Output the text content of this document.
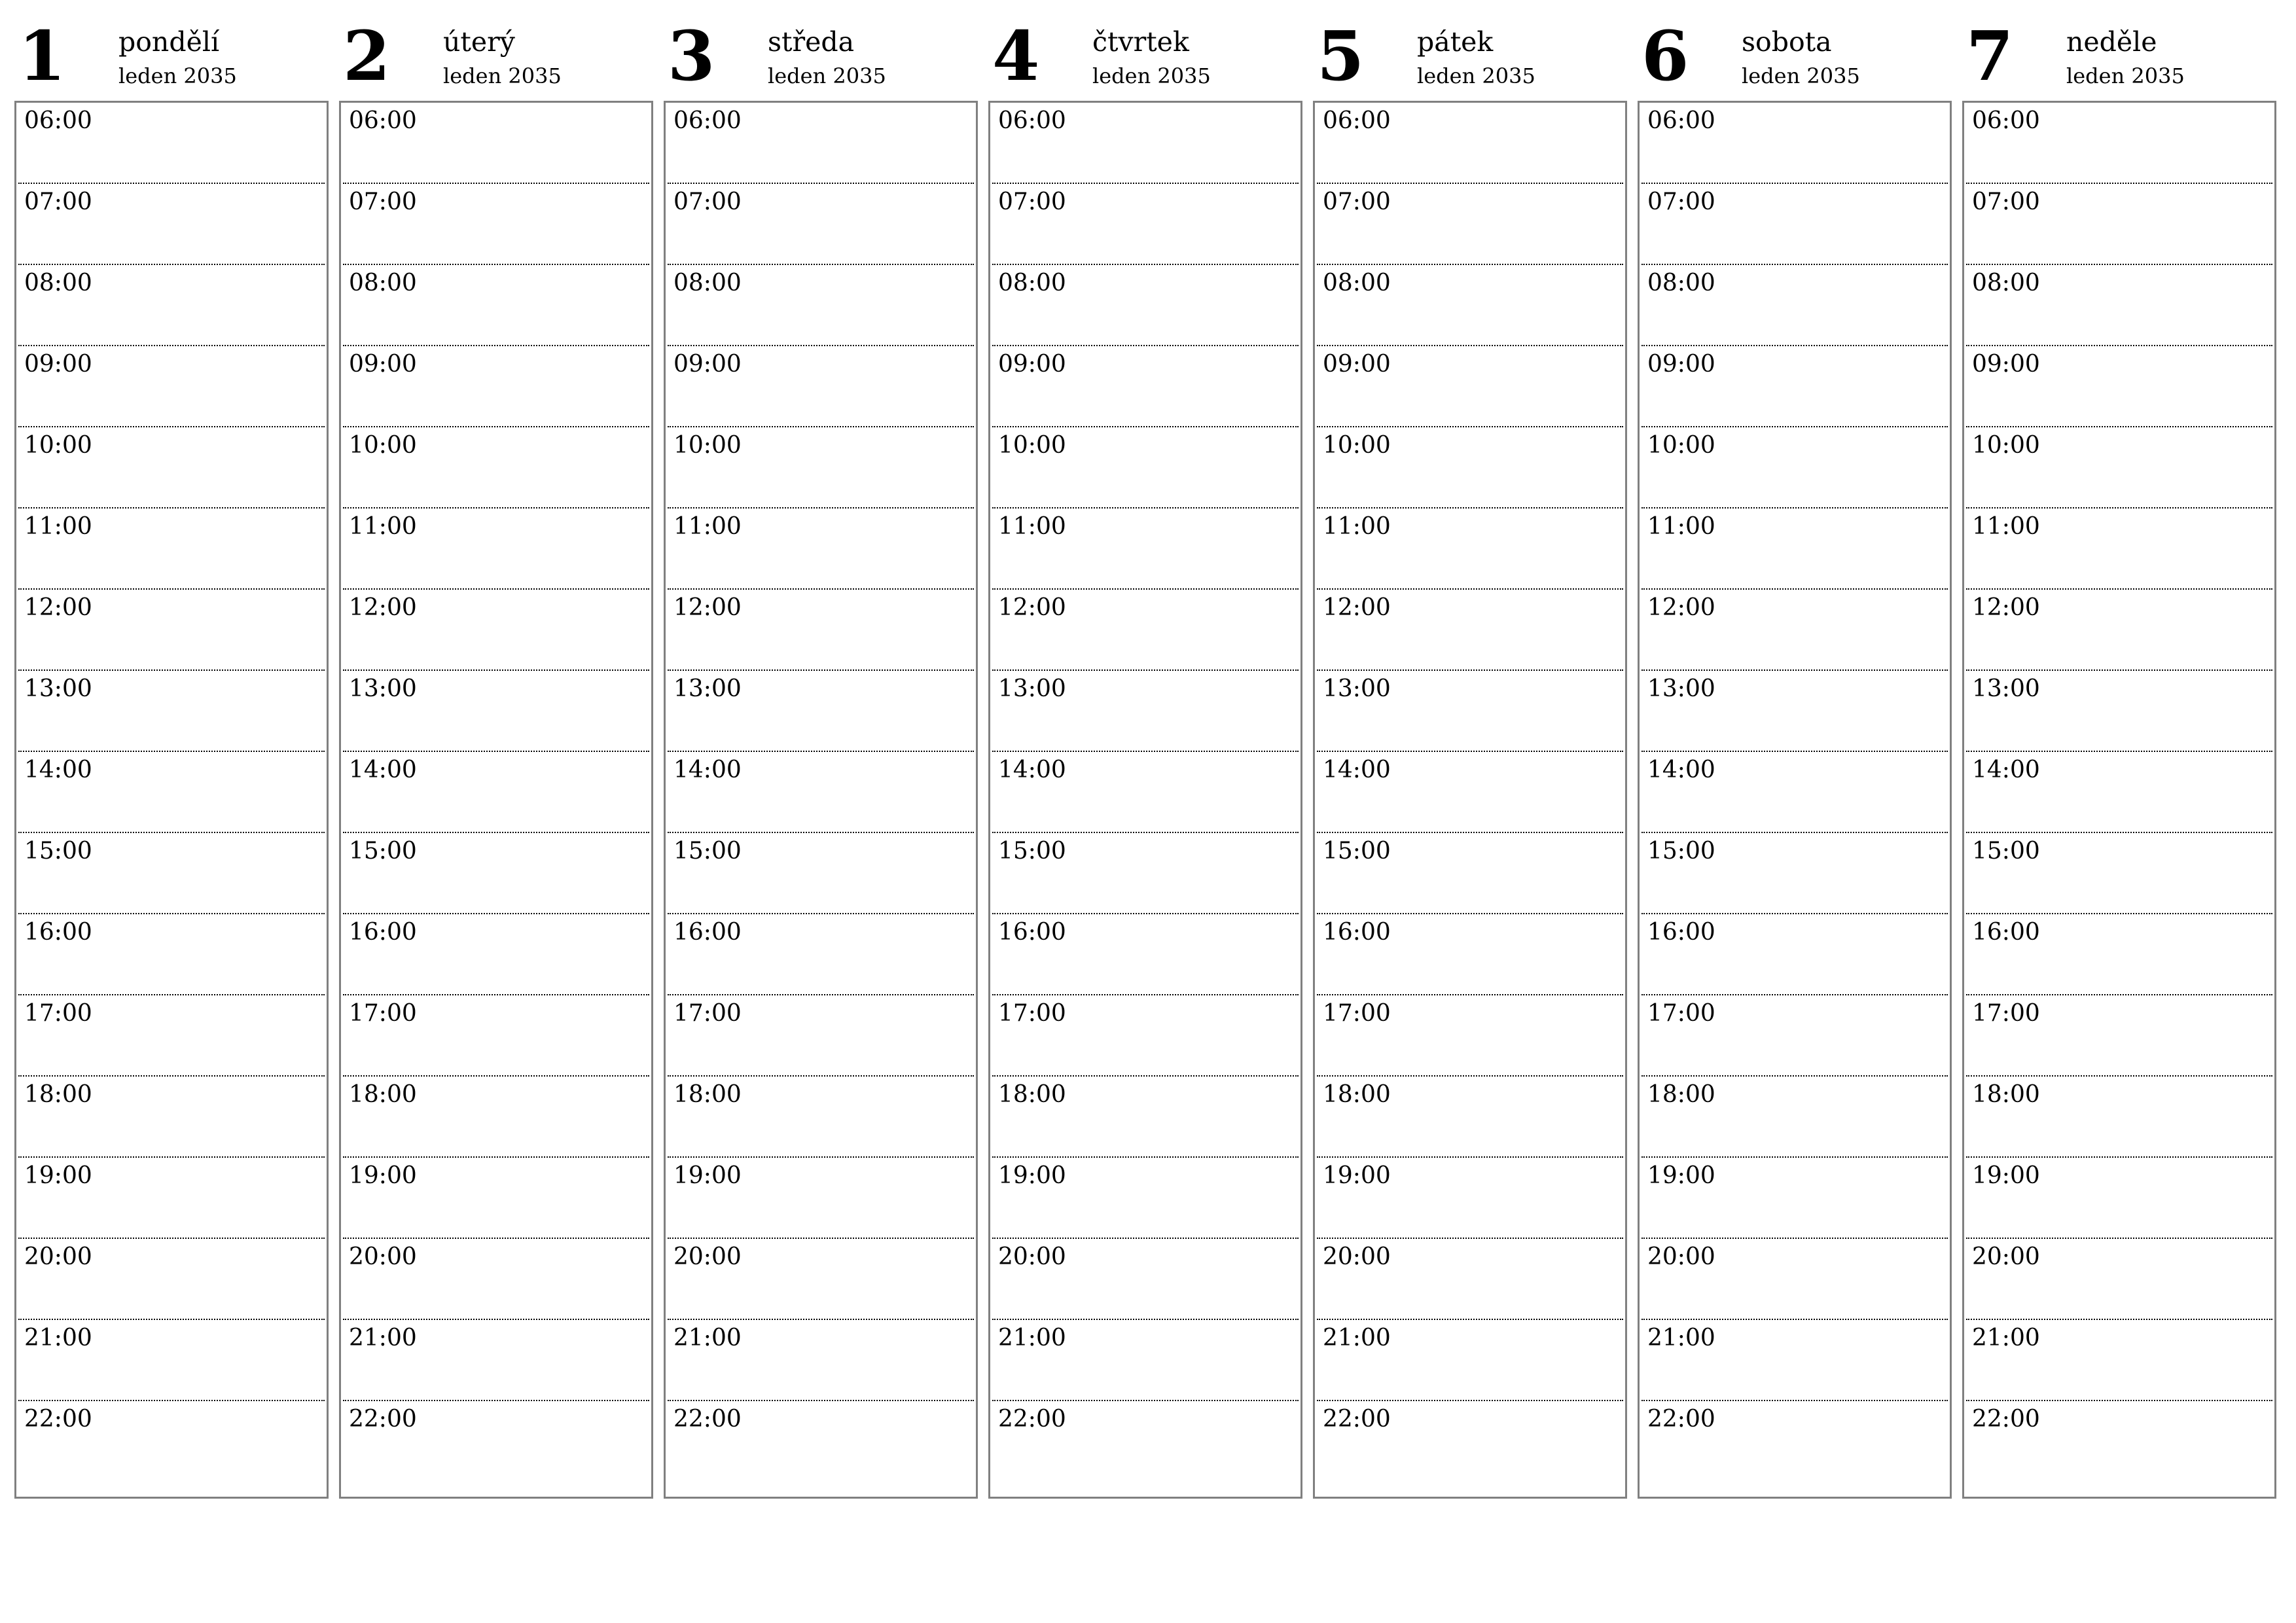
1 pondělí
leden 2035
06:00
07:00
08:00
09:00
10:00
11:00
12:00
13:00
14:00
15:00
16:00
17:00
18:00
19:00
20:00
21:00
22:00
2 úterý
leden 2035
06:00
07:00
08:00
09:00
10:00
11:00
12:00
13:00
14:00
15:00
16:00
17:00
18:00
19:00
20:00
21:00
22:00
3 středa
leden 2035
06:00
07:00
08:00
09:00
10:00
11:00
12:00
13:00
14:00
15:00
16:00
17:00
18:00
19:00
20:00
21:00
22:00
4 čtvrtek
leden 2035
06:00
07:00
08:00
09:00
10:00
11:00
12:00
13:00
14:00
15:00
16:00
17:00
18:00
19:00
20:00
21:00
22:00
5 pátek
leden 2035
06:00
07:00
08:00
09:00
10:00
11:00
12:00
13:00
14:00
15:00
16:00
17:00
18:00
19:00
20:00
21:00
22:00
6 sobota
leden 2035
06:00
07:00
08:00
09:00
10:00
11:00
12:00
13:00
14:00
15:00
16:00
17:00
18:00
19:00
20:00
21:00
22:00
7 neděle
leden 2035
06:00
07:00
08:00
09:00
10:00
11:00
12:00
13:00
14:00
15:00
16:00
17:00
18:00
19:00
20:00
21:00
22:00
